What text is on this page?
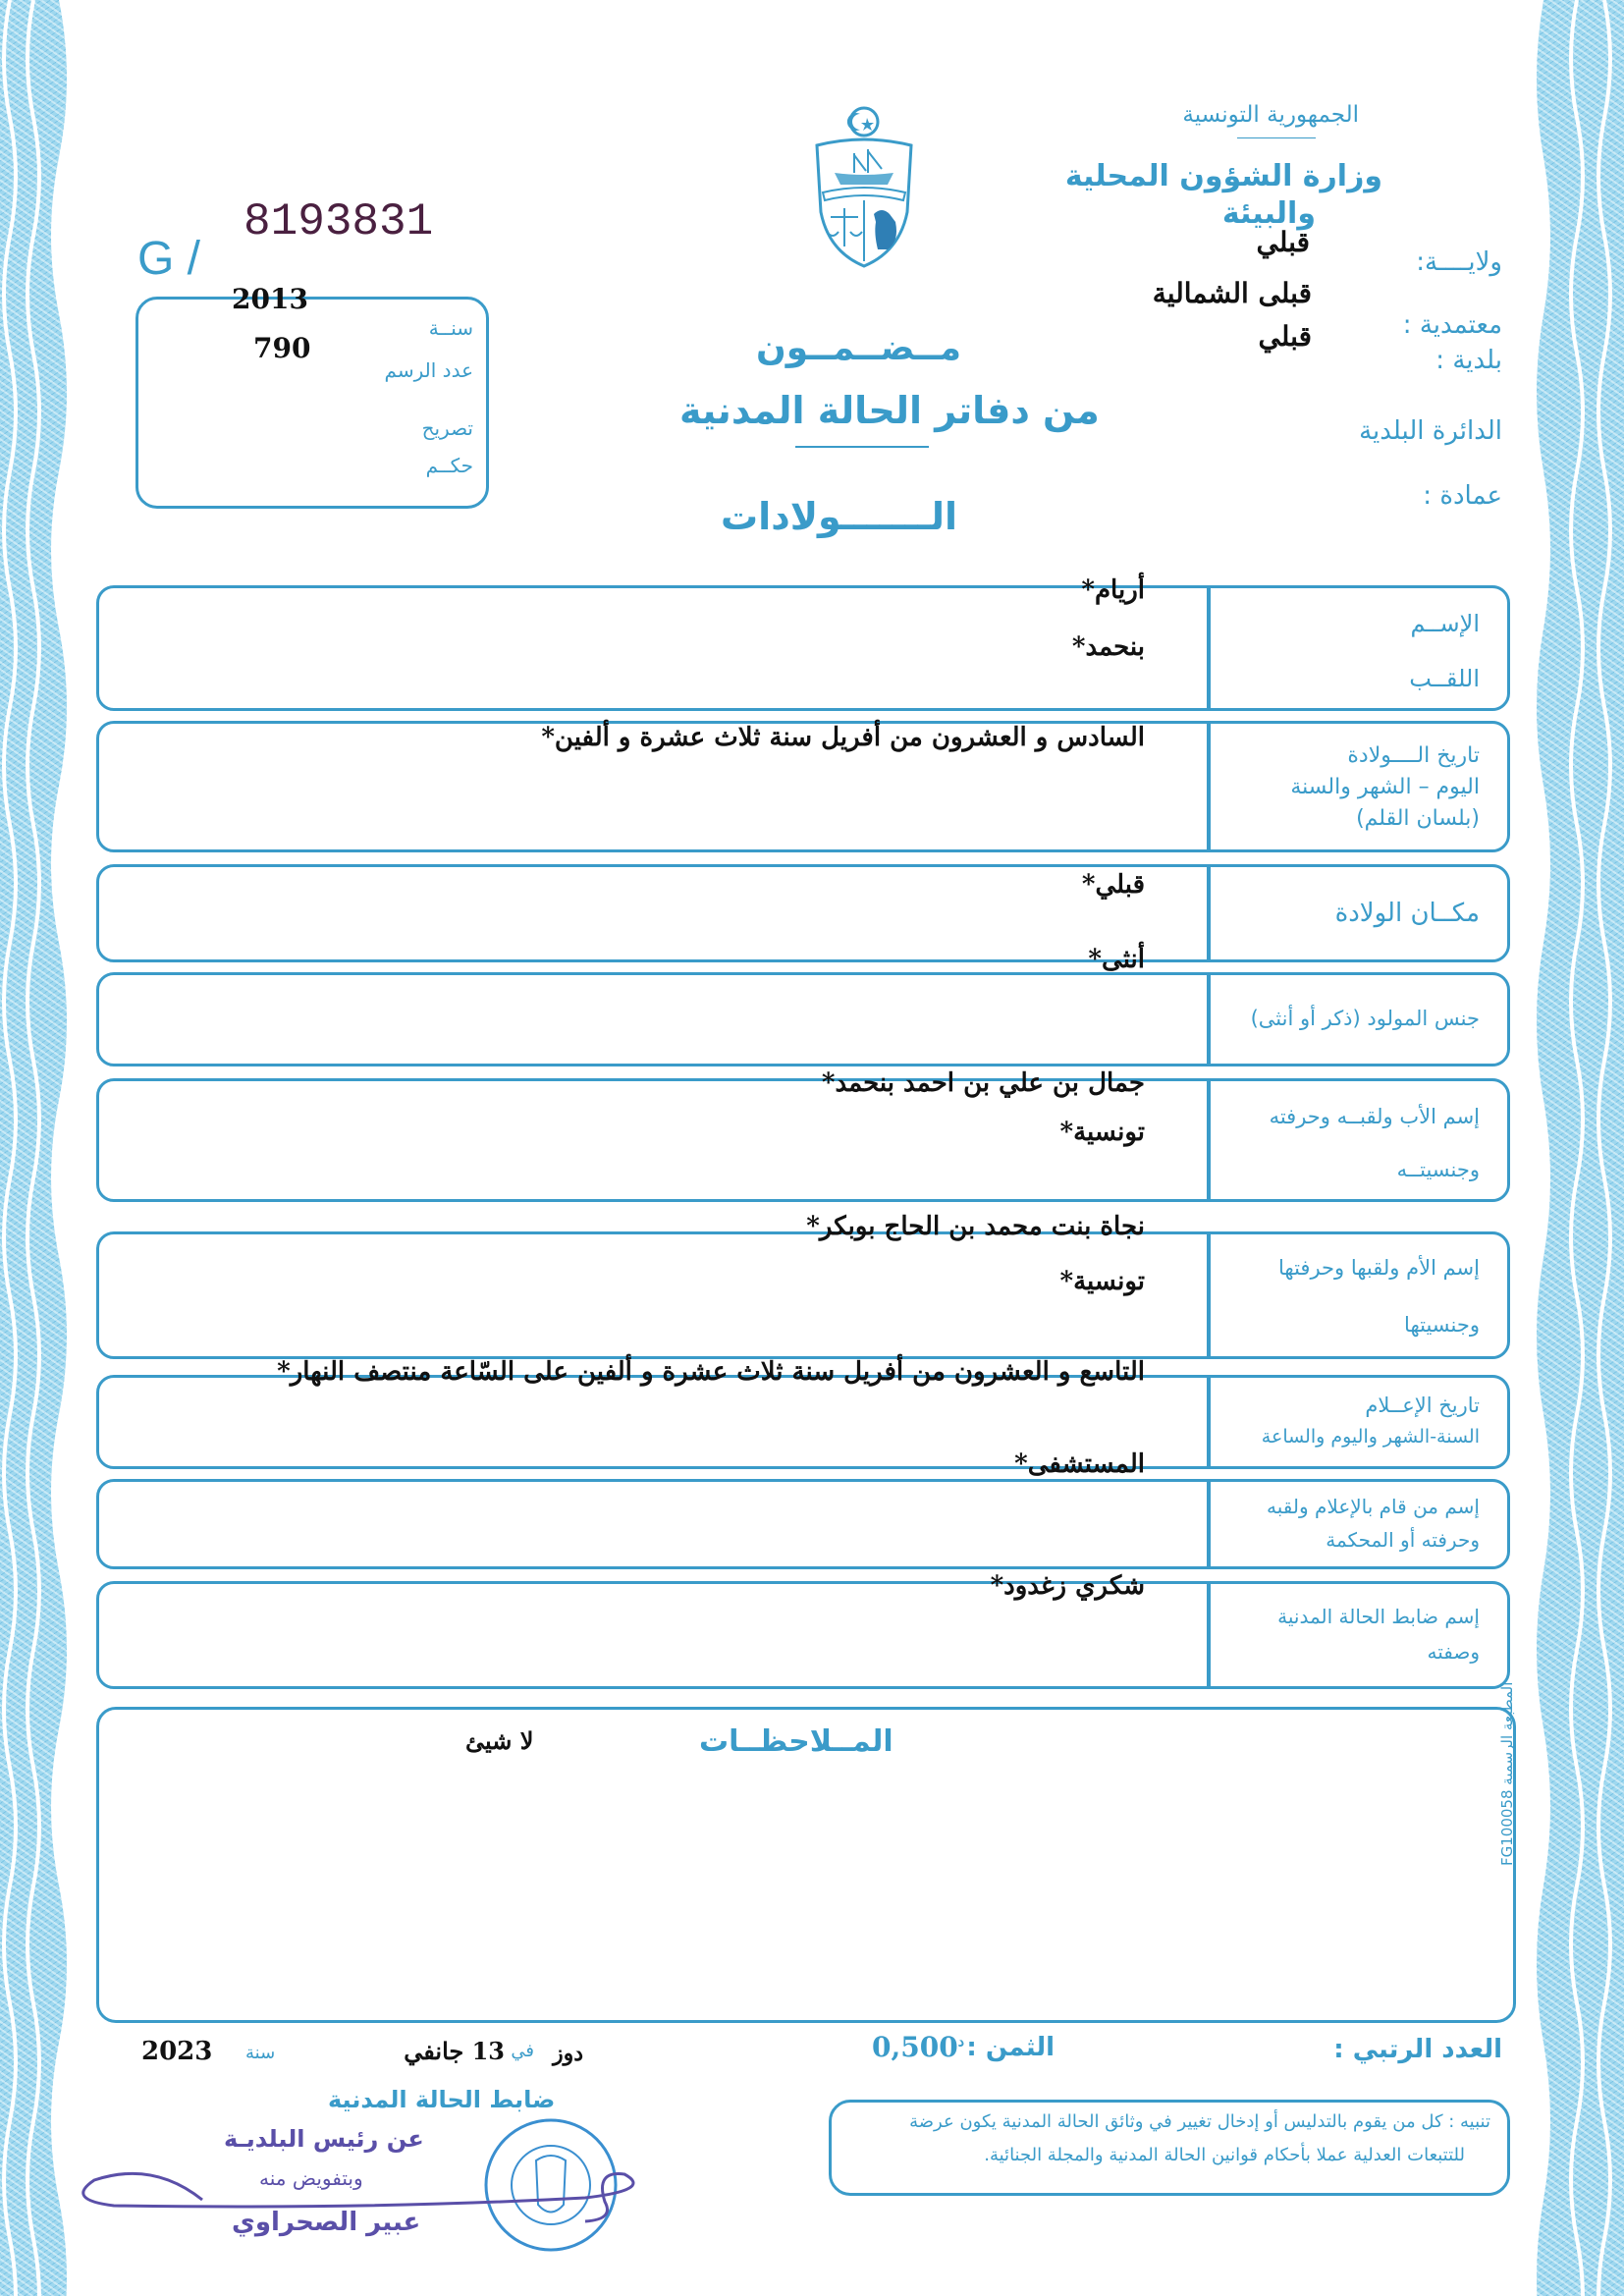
الجمهورية التونسية
وزارة الشؤون المحلية
والبيئة
قبلي
ولايــــة:
قبلى الشمالية
معتمدية :
قبلي
بلدية :
الدائرة البلدية
عمادة :
G /
8193831
2013
سنــة
790
عدد الرسم
تصريح
حكــم
مــضــمــون
من دفاتر الحالة المدنية
الـــــــولادات
الإســم
اللقــب
أريام*
بنحمد*
تاريخ الــــولادة
اليوم – الشهر والسنة
(بلسان القلم)
السادس و العشرون من أفريل سنة ثلاث عشرة و ألفين*
مكــان الولادة
قبلي*
جنس المولود (ذكر أو أنثى)
أنثى*
إسم الأب ولقبــه وحرفته
وجنسيتــه
جمال بن علي بن احمد بنحمد*
تونسية*
إسم الأم ولقبها وحرفتها
وجنسيتها
نجاة بنت محمد بن الحاج بوبكر*
تونسية*
تاريخ الإعــلام
السنة-الشهر واليوم والساعة
التاسع و العشرون من أفريل سنة ثلاث عشرة و ألفين على السّاعة منتصف النهار*
إسم من قام بالإعلام ولقبه
وحرفته أو المحكمة
المستشفى*
إسم ضابط الحالة المدنية
وصفته
شكري زغدود*
المــلاحظــات
لا شيئ	المطبعة الرسمية FG100058
العدد الرتبي :
الثمن :
$0,500^د$
دوز
في
13 جانفي
سنة
2023
ضابط الحالة المدنية
عن رئيس البلديـة
وبتفويض منه
عبير الصحراوي
تنبيه : كل من يقوم بالتدليس أو إدخال تغيير في وثائق الحالة المدنية يكون عرضة
للتتبعات العدلية عملا بأحكام قوانين الحالة المدنية والمجلة الجنائية.
